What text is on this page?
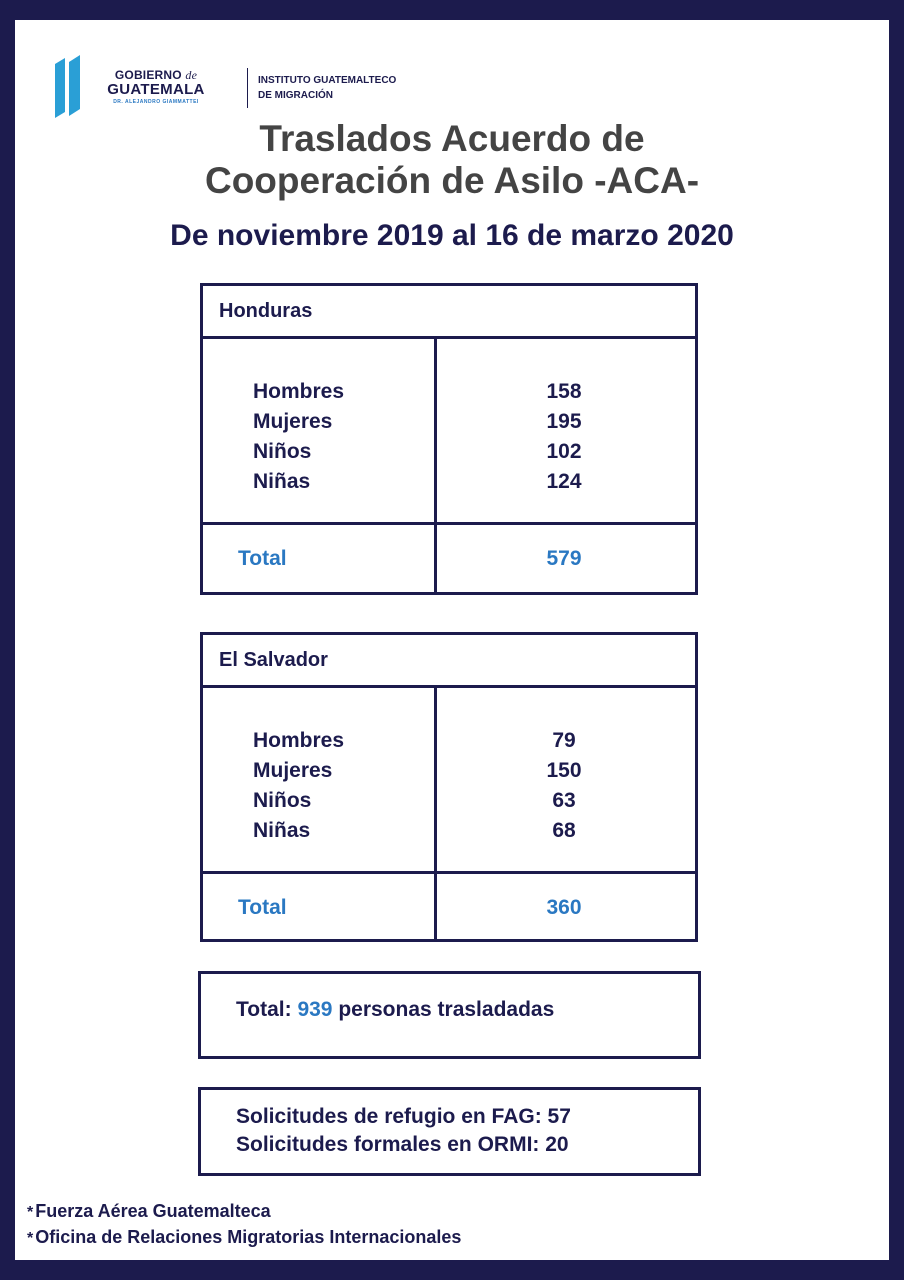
GOBIERNO de
GUATEMALA
DR. ALEJANDRO GIAMMATTEI
INSTITUTO GUATEMALTECO
DE MIGRACIÓN
Traslados Acuerdo de
Cooperación de Asilo -ACA-
De noviembre 2019 al 16 de marzo 2020
Honduras
Hombres
Mujeres
Niños
Niñas
158
195
102
124
Total	579
El Salvador
Hombres
Mujeres
Niños
Niñas
79
150
63
68
Total	360
Total: 939 personas trasladadas
Solicitudes de refugio en FAG: 57
Solicitudes formales en ORMI: 20
* Fuerza Aérea Guatemalteca
* Oficina de Relaciones Migratorias Internacionales
